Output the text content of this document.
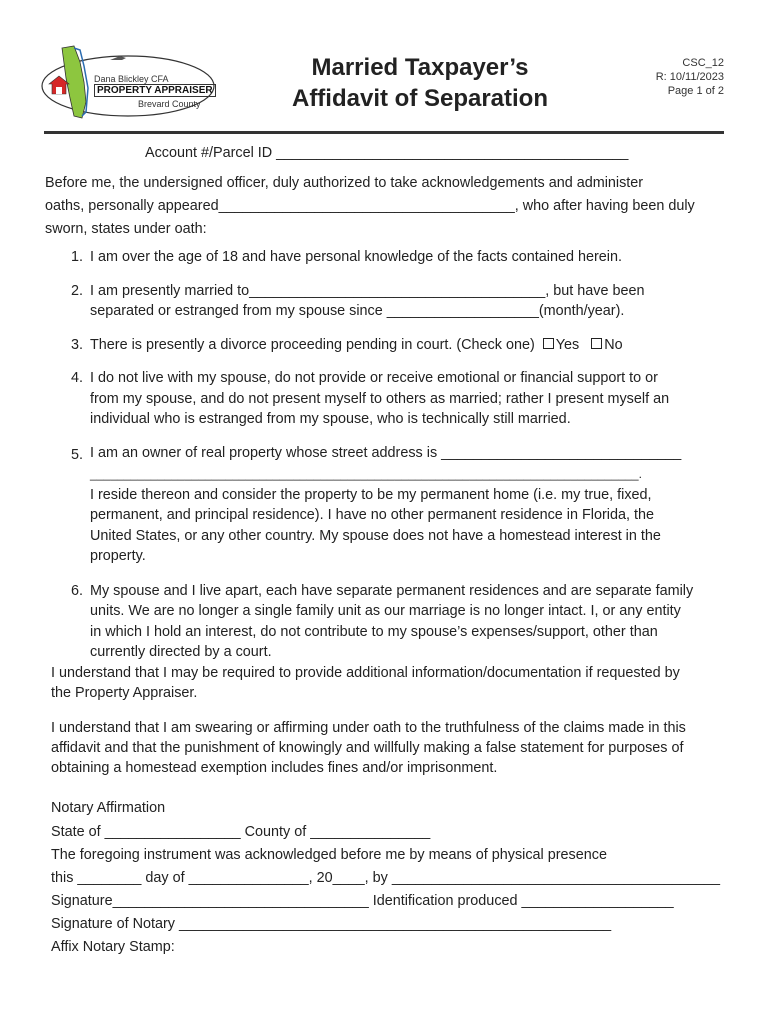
Dana Blickley CFA
PROPERTY APPRAISER
Brevard County
Married Taxpayer’s
Affidavit of Separation
CSC_12
R: 10/11/2023
Page 1 of 2
Account #/Parcel ID ____________________________________________
Before me, the undersigned officer, duly authorized to take acknowledgements and administer
oaths, personally appeared_____________________________________, who after having been duly
sworn, states under oath:
1. I am over the age of 18 and have personal knowledge of the facts contained herein.
2. I am presently married to_____________________________________, but have been
separated or estranged from my spouse since ___________________(month/year).
3. There is presently a divorce proceeding pending in court. (Check one) Yes No
4. I do not live with my spouse, do not provide or receive emotional or financial support to or
from my spouse, and do not present myself to others as married; rather I present myself an
individual who is estranged from my spouse, who is technically still married.
5. I am an owner of real property whose street address is ______________________________
_________________________________________________________________________________.
I reside thereon and consider the property to be my permanent home (i.e. my true, fixed,
permanent, and principal residence). I have no other permanent residence in Florida, the
United States, or any other country. My spouse does not have a homestead interest in the
property.
6. My spouse and I live apart, each have separate permanent residences and are separate family
units. We are no longer a single family unit as our marriage is no longer intact. I, or any entity
in which I hold an interest, do not contribute to my spouse’s expenses/support, other than
currently directed by a court.
I understand that I may be required to provide additional information/documentation if requested by
the Property Appraiser.
I understand that I am swearing or affirming under oath to the truthfulness of the claims made in this
affidavit and that the punishment of knowingly and willfully making a false statement for purposes of
obtaining a homestead exemption includes fines and/or imprisonment.
Notary Affirmation
State of _________________ County of _______________
The foregoing instrument was acknowledged before me by means of physical presence
this ________ day of _______________, 20____, by _________________________________________
Signature________________________________ Identification produced ___________________
Signature of Notary ______________________________________________________
Affix Notary Stamp:
